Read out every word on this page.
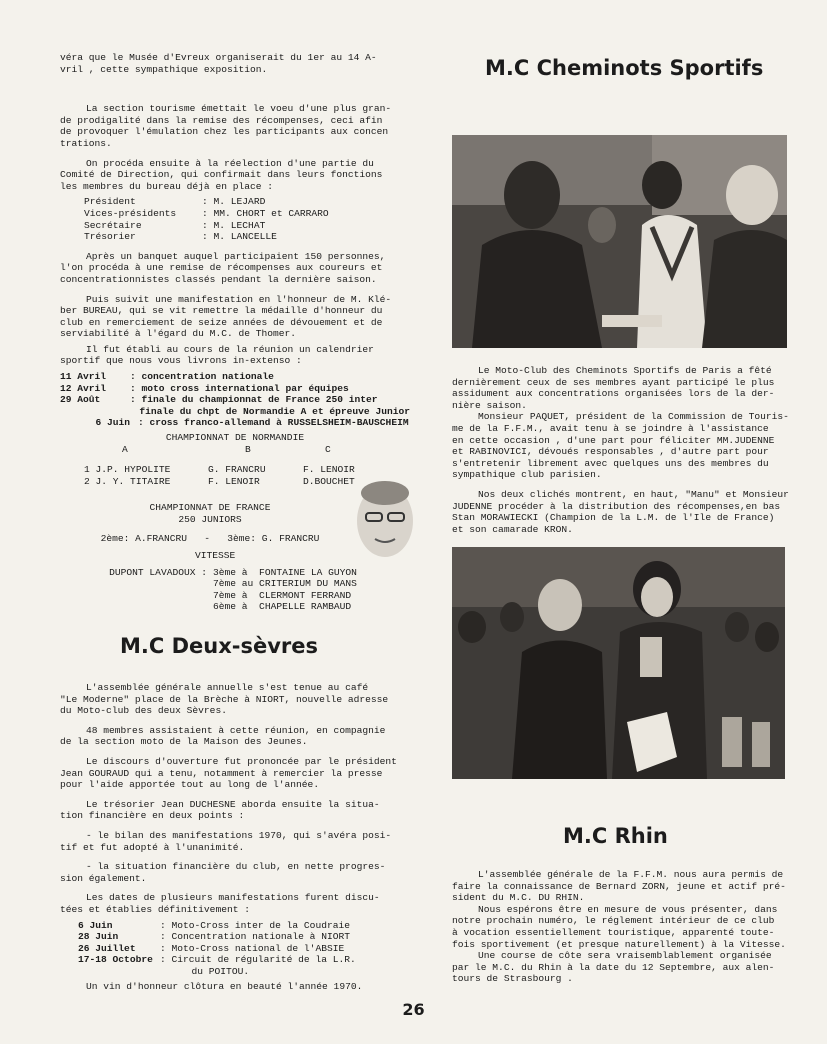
véra que le Musée d'Evreux organiserait du 1er au 14 A-

vril , cette sympathique exposition.

La section tourisme émettait le voeu d'une plus gran-

de prodigalité dans la remise des récompenses, ceci afin

de provoquer l'émulation chez les participants aux concen

trations.

On procéda ensuite à la réelection d'une partie du

Comité de Direction, qui confirmait dans leurs fonctions

les membres du bureau déjà en place :

Président	: M. LEJARD
Vices-présidents	: MM. CHORT et CARRARO
Secrétaire	: M. LECHAT
Trésorier	: M. LANCELLE

Après un banquet auquel participaient 150 personnes,

l'on procéda à une remise de récompenses aux coureurs et

concentrationnistes classés pendant la dernière saison.

Puis suivit une manifestation en l'honneur de M. Klé-

ber BUREAU, qui se vit remettre la médaille d'honneur du

club en remerciement de seize années de dévouement et de

serviabilité à l'égard du M.C. de Thomer.

Il fut établi au cours de la réunion un calendrier

sportif que nous vous livrons in-extenso :

11 Avril	: concentration nationale
12 Avril	: moto cross international par équipes
29 Août	: finale du championnat de France 250 inter
finale du chpt de Normandie A et épreuve Junior
6 Juin : cross franco-allemand à RUSSELSHEIM-BAUSCHEIM
CHAMPIONNAT DE NORMANDIE
A	B	C
1 J.P. HYPOLITE	G. FRANCRU	F. LENOIR
2 J. Y. TITAIRE	F. LENOIR	D.BOUCHET
CHAMPIONNAT DE FRANCE
250 JUNIORS
2ème: A.FRANCRU   -   3ème: G. FRANCRU
VITESSE
DUPONT LAVADOUX : 3ème à  FONTAINE LA GUYON
7ème au CRITERIUM DU MANS
7ème à  CLERMONT FERRAND
6ème à  CHAPELLE RAMBAUD
M.C Deux-sèvres

L'assemblée générale annuelle s'est tenue au café

"Le Moderne" place de la Brèche à NIORT, nouvelle adresse

du Moto-club des deux Sèvres.

48 membres assistaient à cette réunion, en compagnie

de la section moto de la Maison des Jeunes.

Le discours d'ouverture fut prononcée par le président

Jean GOURAUD qui a tenu, notamment à remercier la presse

pour l'aide apportée tout au long de l'année.

Le trésorier Jean DUCHESNE aborda ensuite la situa-

tion financière en deux points :

- le bilan des manifestations 1970, qui s'avéra posi-

tif et fut adopté à l'unanimité.

- la situation financière du club, en nette progres-

sion également.

Les dates de plusieurs manifestations furent discu-

tées et établies définitivement :

6 Juin	: Moto-Cross inter de la Coudraie
28 Juin	: Concentration nationale à NIORT
26 Juillet	: Moto-Cross national de l'ABSIE
17-18 Octobre : Circuit de régularité de la L.R.
du POITOU.

Un vin d'honneur clôtura en beauté l'année 1970.

M.C Cheminots Sportifs

Le Moto-Club des Cheminots Sportifs de Paris a fêté

dernièrement ceux de ses membres ayant participé le plus

assidument aux concentrations organisées lors de la der-

nière saison.

Monsieur PAQUET, président de la Commission de Touris-

me de la F.F.M., avait tenu à se joindre à l'assistance

en cette occasion , d'une part pour féliciter MM.JUDENNE

et RABINOVICI, dévoués responsables , d'autre part pour

s'entretenir librement avec quelques uns des membres du

sympathique club parisien.

Nos deux clichés montrent, en haut, "Manu" et Monsieur

JUDENNE procéder à la distribution des récompenses,en bas

Stan MORAWIECKI (Champion de la L.M. de l'Ile de France)

et son camarade KRON.

M.C Rhin

L'assemblée générale de la F.F.M. nous aura permis de

faire la connaissance de Bernard ZORN, jeune et actif pré-

sident du M.C. DU RHIN.

Nous espérons être en mesure de vous présenter, dans

notre prochain numéro, le réglement intérieur de ce club

à vocation essentiellement touristique, apparenté toute-

fois sportivement (et presque naturellement) à la Vitesse.

Une course de côte sera vraisemblablement organisée

par le M.C. du Rhin à la date du 12 Septembre, aux alen-

tours de Strasbourg .

26
